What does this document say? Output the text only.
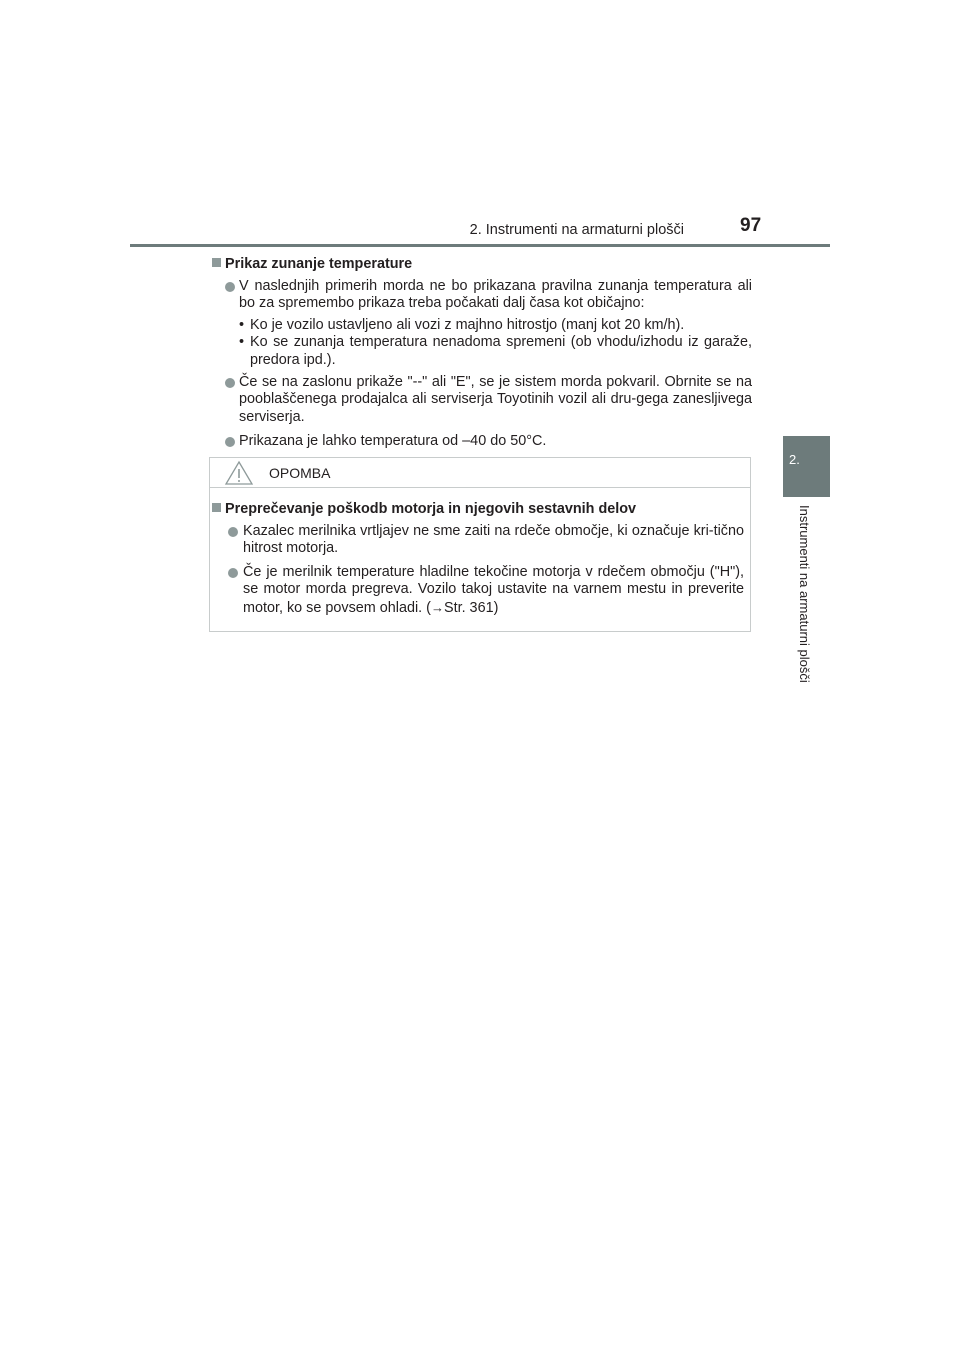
2. Instrumenti na armaturni plošči	97
2.
Instrumenti na armaturni plošči
Prikaz zunanje temperature
V naslednjih primerih morda ne bo prikazana pravilna zunanja temperatura ali bo za spremembo prikaza treba počakati dalj časa kot običajno:
• Ko je vozilo ustavljeno ali vozi z majhno hitrostjo (manj kot 20 km/h).
• Ko se zunanja temperatura nenadoma spremeni (ob vhodu/izhodu iz garaže, predora ipd.).
Če se na zaslonu prikaže "--" ali "E", se je sistem morda pokvaril. Obrnite se na pooblaščenega prodajalca ali serviserja Toyotinih vozil ali dru-gega zanesljivega serviserja.
Prikazana je lahko temperatura od –40 do 50°C.
OPOMBA
Preprečevanje poškodb motorja in njegovih sestavnih delov
Kazalec merilnika vrtljajev ne sme zaiti na rdeče območje, ki označuje kri-tično hitrost motorja.
Če je merilnik temperature hladilne tekočine motorja v rdečem območju ("H"), se motor morda pregreva. Vozilo takoj ustavite na varnem mestu in preverite motor, ko se povsem ohladi. (→Str. 361)
